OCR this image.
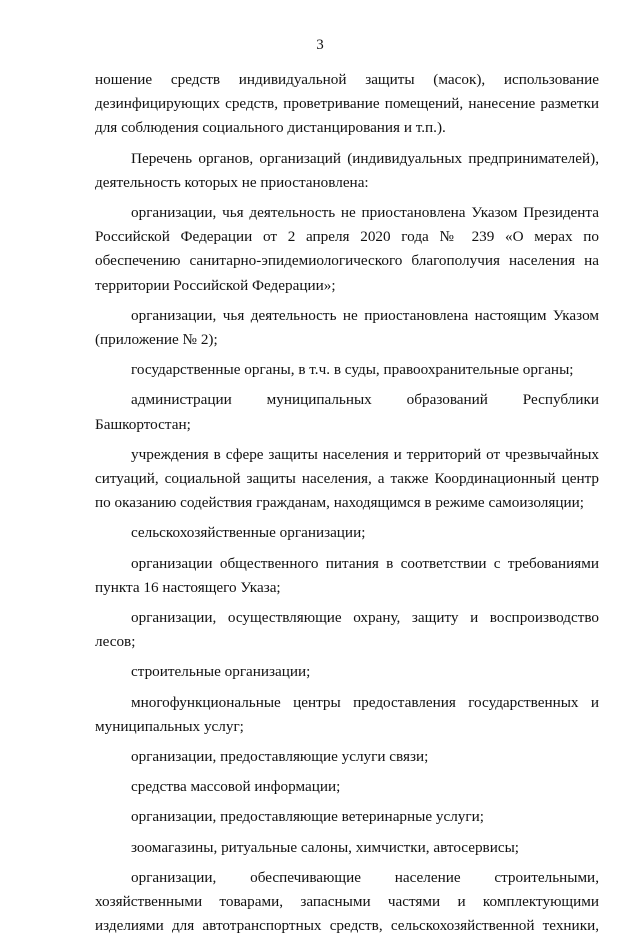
3

ношение средств индивидуальной защиты (масок), использование дезинфицирующих средств, проветривание помещений, нанесение разметки для соблюдения социального дистанцирования и т.п.).

Перечень органов, организаций (индивидуальных предпринимателей), деятельность которых не приостановлена:

организации, чья деятельность не приостановлена Указом Президента Российской Федерации от 2 апреля 2020 года № 239 «О мерах по обеспечению санитарно-эпидемиологического благополучия населения на территории Российской Федерации»;

организации, чья деятельность не приостановлена настоящим Указом (приложение № 2);

государственные органы, в т.ч. в суды, правоохранительные органы;

администрации муниципальных образований Республики Башкортостан;

учреждения в сфере защиты населения и территорий от чрезвычайных ситуаций, социальной защиты населения, а также Координационный центр по оказанию содействия гражданам, находящимся в режиме самоизоляции;

сельскохозяйственные организации;

организации общественного питания в соответствии с требованиями пункта 16 настоящего Указа;

организации, осуществляющие охрану, защиту и воспроизводство лесов;

строительные организации;

многофункциональные центры предоставления государственных и муниципальных услуг;

организации, предоставляющие услуги связи;

средства массовой информации;

организации, предоставляющие ветеринарные услуги;

зоомагазины, ритуальные салоны, химчистки, автосервисы;

организации, обеспечивающие население строительными, хозяйственными товарами, запасными частями и комплектующими изделиями для автотранспортных средств, сельскохозяйственной техники,
